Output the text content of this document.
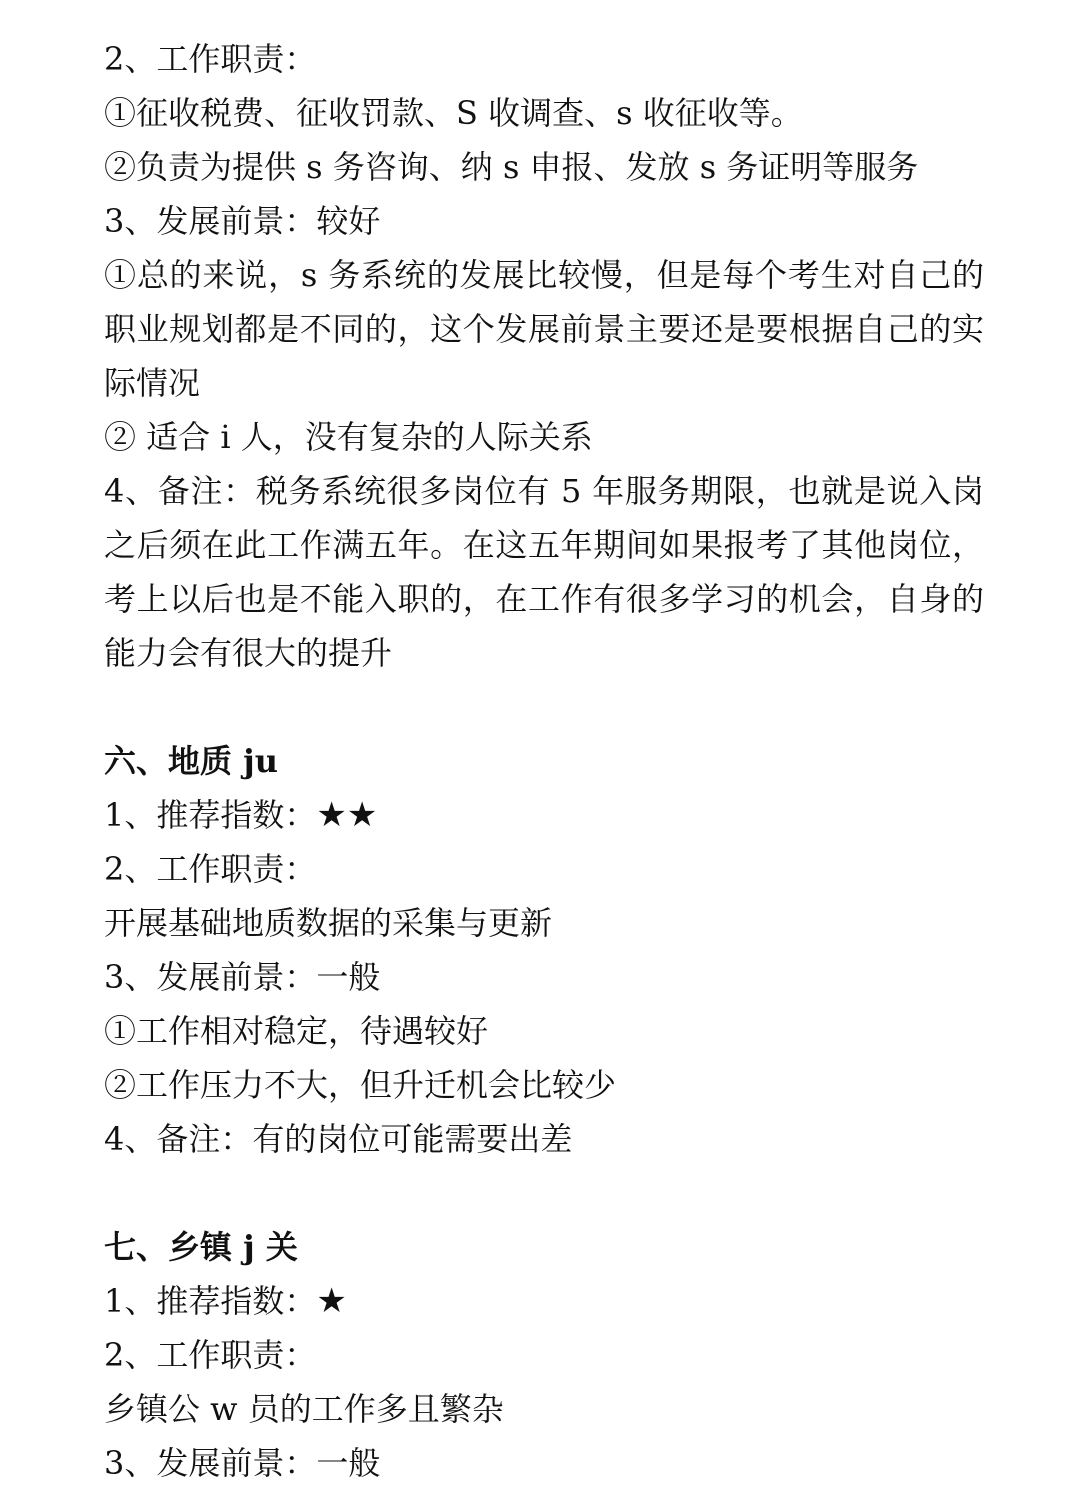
2、工作职责：

①征收税费、征收罚款、S 收调查、s 收征收等。

②负责为提供 s 务咨询、纳 s 申报、发放 s 务证明等服务

3、发展前景：较好

①总的来说，s 务系统的发展比较慢，但是每个考生对自己的职业规划都是不同的，这个发展前景主要还是要根据自己的实际情况

② 适合 i 人，没有复杂的人际关系

4、备注：税务系统很多岗位有 5 年服务期限，也就是说入岗之后须在此工作满五年。在这五年期间如果报考了其他岗位，考上以后也是不能入职的，在工作有很多学习的机会，自身的能力会有很大的提升

六、地质 ju

1、推荐指数：★★

2、工作职责：

开展基础地质数据的采集与更新

3、发展前景：一般

①工作相对稳定，待遇较好

②工作压力不大，但升迁机会比较少

4、备注：有的岗位可能需要出差

七、乡镇 j 关

1、推荐指数：★

2、工作职责：

乡镇公 w 员的工作多且繁杂

3、发展前景：一般
